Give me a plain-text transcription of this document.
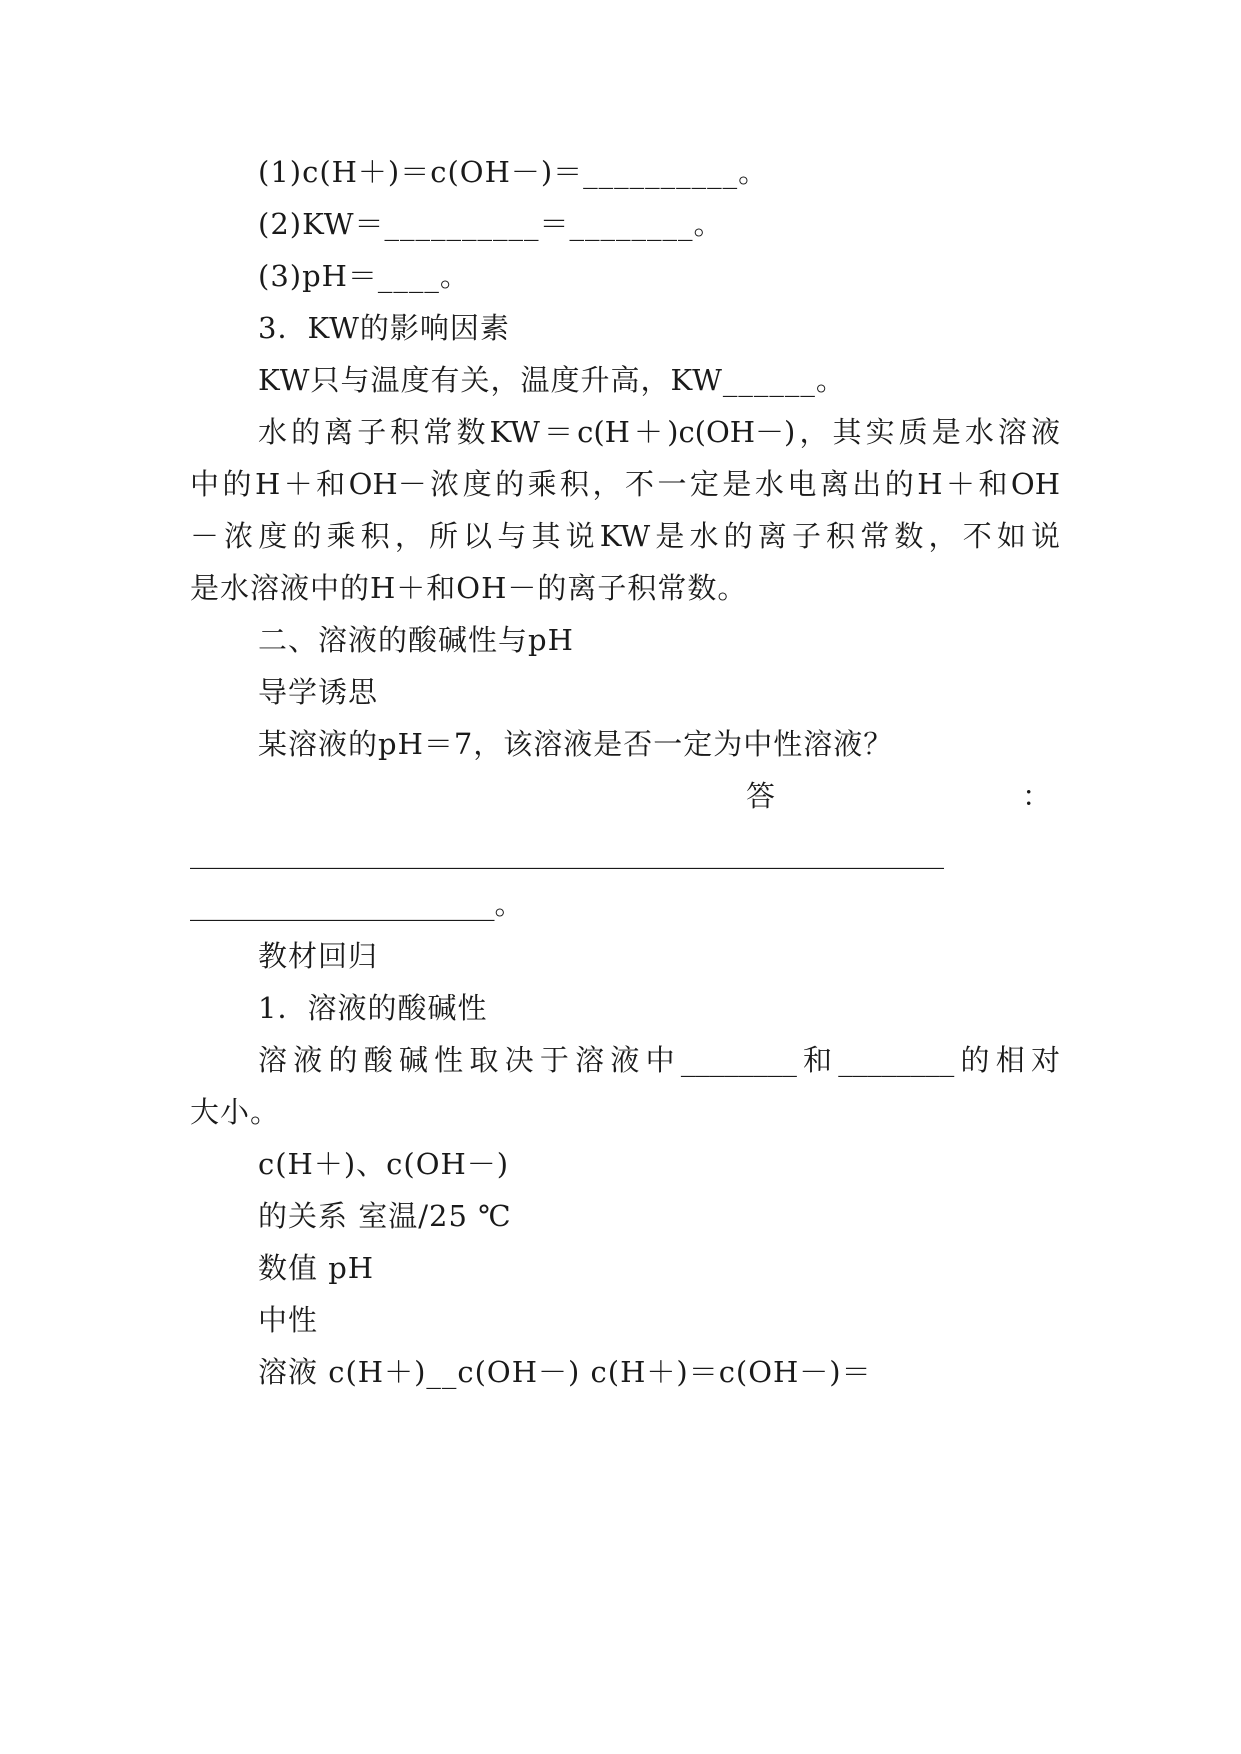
(1)c(H＋)＝c(OH－)＝__________。
(2)KW＝__________＝________。
(3)pH＝____。
3．KW的影响因素
KW只与温度有关，温度升高，KW______。
水的离子积常数KW＝c(H＋)c(OH－)，其实质是水溶液
中的H＋和OH－浓度的乘积，不一定是水电离出的H＋和OH
－浓度的乘积，所以与其说KW是水的离子积常数，不如说
是水溶液中的H＋和OH－的离子积常数。
二、溶液的酸碱性与pH
导学诱思
某溶液的pH＝7，该溶液是否一定为中性溶液？
答	：
____________________________________________________
_____________________。
教材回归
1．溶液的酸碱性
溶液的酸碱性取决于溶液中________和________的相对
大小。
c(H＋)、c(OH－)
的关系 室温/25 ℃
数值 pH
中性
溶液 c(H＋)__c(OH－) c(H＋)＝c(OH－)＝
